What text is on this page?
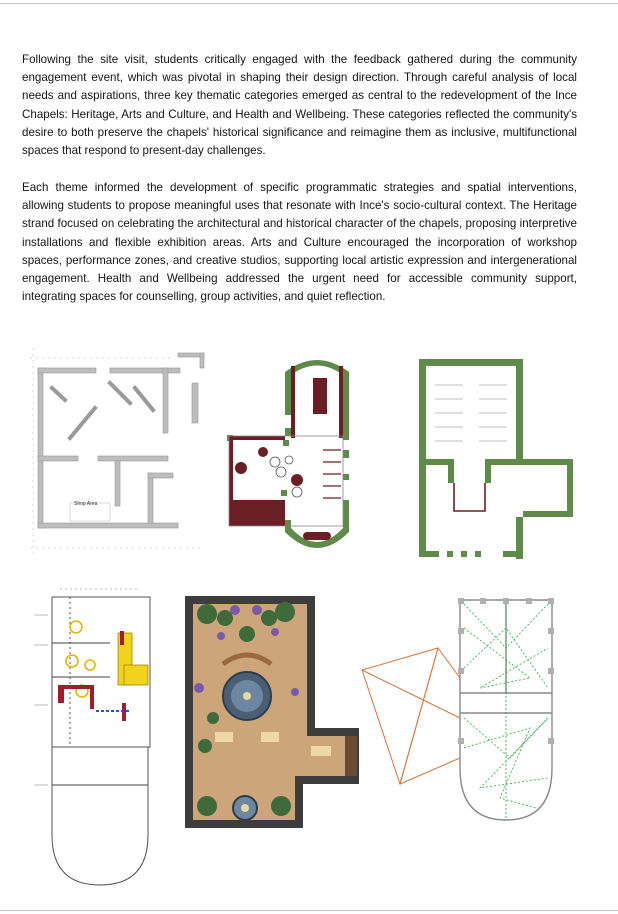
Following the site visit, students critically engaged with the feedback gathered during the community engagement event, which was pivotal in shaping their design direction. Through careful analysis of local needs and aspirations, three key thematic categories emerged as central to the redevelopment of the Ince Chapels: Heritage, Arts and Culture, and Health and Wellbeing. These categories reflected the community's desire to both preserve the chapels' historical significance and reimagine them as inclusive, multifunctional spaces that respond to present-day challenges.

Each theme informed the development of specific programmatic strategies and spatial interventions, allowing students to propose meaningful uses that resonate with Ince's socio-cultural context. The Heritage strand focused on celebrating the architectural and historical character of the chapels, proposing interpretive installations and flexible exhibition areas. Arts and Culture encouraged the incorporation of workshop spaces, performance zones, and creative studios, supporting local artistic expression and intergenerational engagement. Health and Wellbeing addressed the urgent need for accessible community support, integrating spaces for counselling, group activities, and quiet reflection.

Shop Area
